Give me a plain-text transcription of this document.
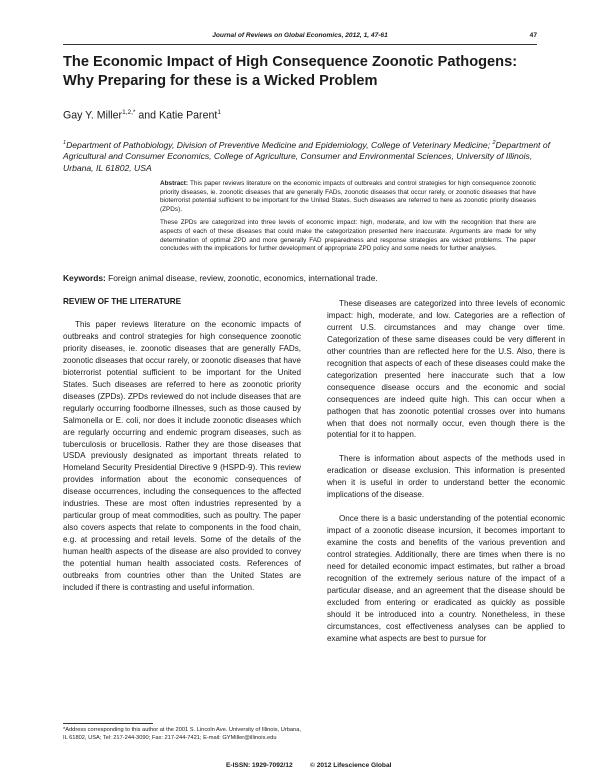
Journal of Reviews on Global Economics, 2012, 1, 47-61	47
The Economic Impact of High Consequence Zoonotic Pathogens:
Why Preparing for these is a Wicked Problem
Gay Y. Miller$^{1,2,*}$ and Katie Parent$^1$
$^1$Department of Pathobiology, Division of Preventive Medicine and Epidemiology, College of Veterinary Medicine; $^2$Department of Agricultural and Consumer Economics, College of Agriculture, Consumer and Environmental Sciences, University of Illinois, Urbana, IL 61802, USA

Abstract: This paper reviews literature on the economic impacts of outbreaks and control strategies for high consequence zoonotic priority diseases, ie. zoonotic diseases that are generally FADs, zoonotic diseases that occur rarely, or zoonotic diseases that have bioterrorist potential sufficient to be important for the United States. Such diseases are referred to here as zoonotic priority diseases (ZPDs).

These ZPDs are categorized into three levels of economic impact: high, moderate, and low with the recognition that there are aspects of each of these diseases that could make the categorization presented here inaccurate. Arguments are made for why determination of optimal ZPD and more generally FAD preparedness and response strategies are wicked problems. The paper concludes with the implications for further development of appropriate ZPD policy and some needs for further analyses.

Keywords: Foreign animal disease, review, zoonotic, economics, international trade.
REVIEW OF THE LITERATURE

This paper reviews literature on the economic impacts of outbreaks and control strategies for high consequence zoonotic priority diseases, ie. zoonotic diseases that are generally FADs, zoonotic diseases that occur rarely, or zoonotic diseases that have bioterrorist potential sufficient to be important for the United States. Such diseases are referred to here as zoonotic priority diseases (ZPDs). ZPDs reviewed do not include diseases that are regularly occurring foodborne illnesses, such as those caused by Salmonella or E. coli, nor does it include zoonotic diseases which are regularly occurring and endemic program diseases, such as tuberculosis or brucellosis. Rather they are those diseases that USDA previously designated as important threats related to Homeland Security Presidential Directive 9 (HSPD-9). This review provides information about the economic consequences of disease occurrences, including the consequences to the affected industries. These are most often industries represented by a particular group of meat commodities, such as poultry. The paper also covers aspects that relate to components in the food chain, e.g. at processing and retail levels. Some of the details of the human health aspects of the disease are also provided to convey the potential human health associated costs. References of outbreaks from countries other than the United States are included if there is contrasting and useful information.

These diseases are categorized into three levels of economic impact: high, moderate, and low. Categories are a reflection of current U.S. circumstances and may change over time. Categorization of these same diseases could be very different in other countries than are reflected here for the U.S. Also, there is recognition that aspects of each of these diseases could make the categorization presented here inaccurate such that a low consequence disease occurs and the economic and social consequences are indeed quite high. This can occur when a pathogen that has zoonotic potential crosses over into humans when that does not normally occur, even though there is the potential for it to happen.

There is information about aspects of the methods used in eradication or disease exclusion. This information is presented when it is useful in order to understand better the economic implications of the disease.

Once there is a basic understanding of the potential economic impact of a zoonotic disease incursion, it becomes important to examine the costs and benefits of the various prevention and control strategies. Additionally, there are times when there is no need for detailed economic impact estimates, but rather a broad recognition of the extremely serious nature of the impact of a particular disease, and an agreement that the disease should be excluded from entering or eradicated as quickly as possible should it be introduced into a country. Nonetheless, in these circumstances, cost effectiveness analyses can be applied to examine what aspects are best to pursue for

*Address corresponding to this author at the 2001 S. Lincoln Ave. University of Illinois, Urbana, IL 61802, USA; Tel: 217-244-3090; Fax: 217-244-7421; E-mail: GYMiller@illinois.edu
E-ISSN: 1929-7092/12	© 2012 Lifescience Global
